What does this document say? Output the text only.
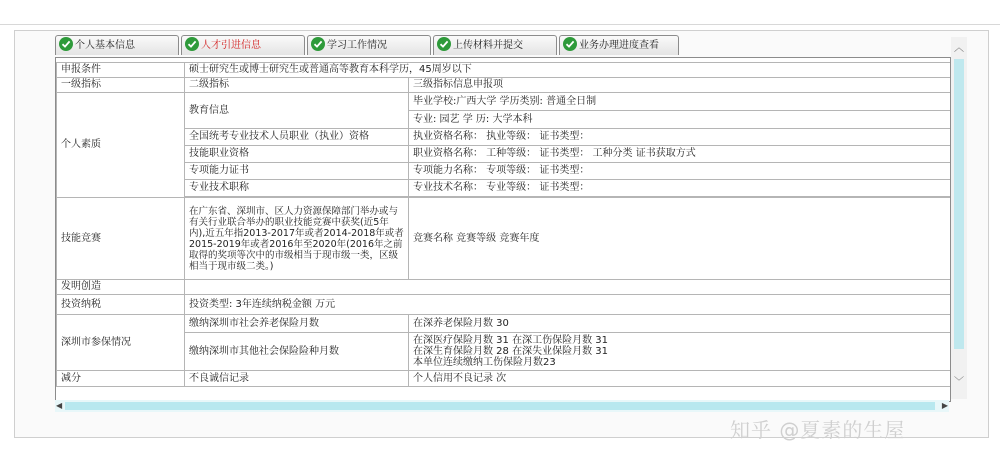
个人基本信息	人才引进信息	学习工作情况	上传材料并提交	业务办理进度查看
申报条件	硕士研究生或博士研究生或普通高等教育本科学历，45周岁以下	
一级指标	二级指标	三级指标信息申报项
个人素质	教育信息	毕业学校:广西大学 学历类别: 普通全日制
		专业: 园艺 学 历: 大学本科
	全国统考专业技术人员职业（执业）资格	执业资格名称： 执业等级： 证书类型：
	技能职业资格	职业资格名称： 工种等级： 证书类型： 工种分类 证书获取方式
	专项能力证书	专项能力名称： 专项等级： 证书类型：
	专业技术职称	专业技术名称： 专业等级： 证书类型：

技能竞赛	在广东省、深圳市、区人力资源保障部门举办或与有关行业联合举办的职业技能竞赛中获奖(近5年内),近五年指2013-2017年或者2014-2018年或者2015-2019年或者2016年至2020年(2016年之前取得的奖项等次中的市级相当于现市级一类，区级相当于现市级二类。)	竞赛名称 竞赛等级 竞赛年度
发明创造		
投资纳税	投资类型: 3年连续纳税金额 万元	
深圳市参保情况	缴纳深圳市社会养老保险月数	在深养老保险月数 30
	缴纳深圳市其他社会保险险种月数	在深医疗保险月数 31 在深工伤保险月数 31
在深生育保险月数 28 在深失业保险月数 31
本单位连续缴纳工伤保险月数23

减分	不良诚信记录	个人信用不良记录 次
︿
﹀
◀	▶
知乎 @夏素的生屋
